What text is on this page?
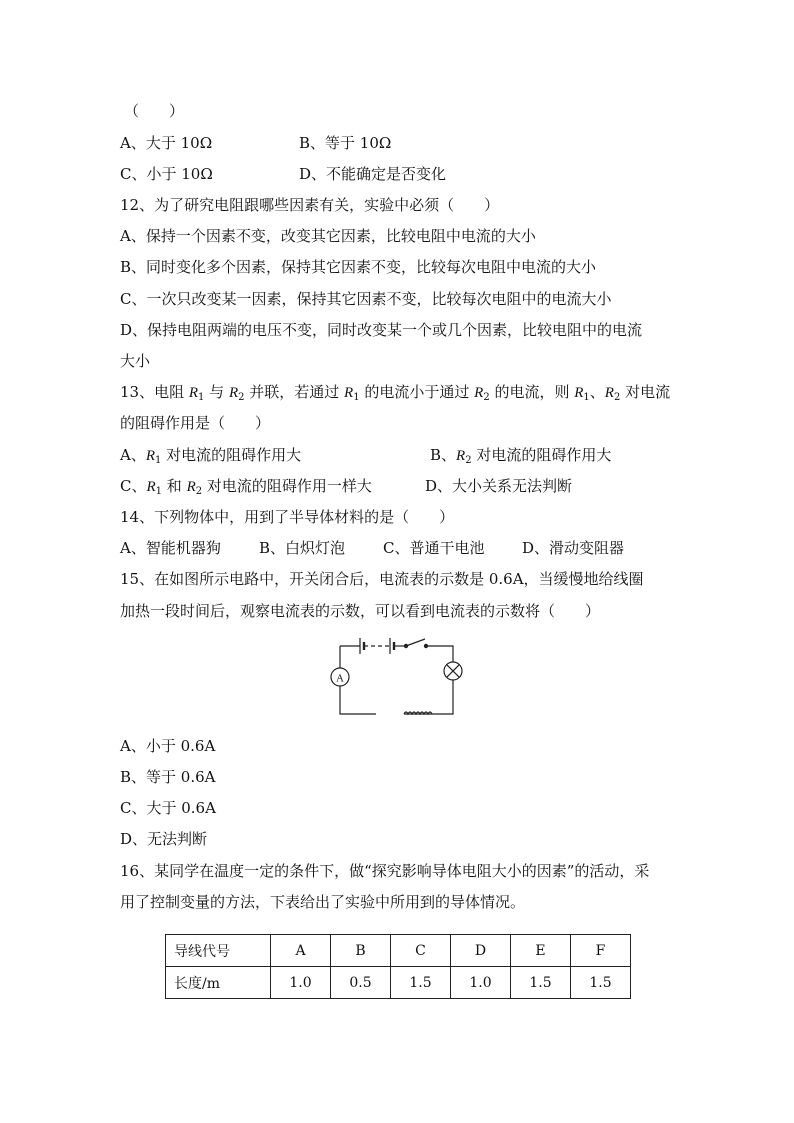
（　　）
A、大于 10Ω	B、等于 10Ω
C、小于 10Ω	D、不能确定是否变化
12、为了研究电阻跟哪些因素有关，实验中必须（　　）
A、保持一个因素不变，改变其它因素，比较电阻中电流的大小
B、同时变化多个因素，保持其它因素不变，比较每次电阻中电流的大小
C、一次只改变某一因素，保持其它因素不变，比较每次电阻中的电流大小
D、保持电阻两端的电压不变，同时改变某一个或几个因素，比较电阻中的电流
大小
13、电阻 $R_1$ 与 $R_2$ 并联，若通过 $R_1$ 的电流小于通过 $R_2$ 的电流，则 $R_1$、$R_2$ 对电流
的阻碍作用是（　　）
A、$R_1$ 对电流的阻碍作用大	B、$R_2$ 对电流的阻碍作用大
C、$R_1$ 和 $R_2$ 对电流的阻碍作用一样大	D、大小关系无法判断
14、下列物体中，用到了半导体材料的是（　　）
A、智能机器狗	B、白炽灯泡	C、普通干电池	D、滑动变阻器
15、在如图所示电路中，开关闭合后，电流表的示数是 0.6A，当缓慢地给线圈
加热一段时间后，观察电流表的示数，可以看到电流表的示数将（　　）
A
A、小于 0.6A
B、等于 0.6A
C、大于 0.6A
D、无法判断
16、某同学在温度一定的条件下，做“探究影响导体电阻大小的因素”的活动，采
用了控制变量的方法，下表给出了实验中所用到的导体情况。
导线代号	A	B	C	D	E	F
长度/m	1.0	0.5	1.5	1.0	1.5	1.5
